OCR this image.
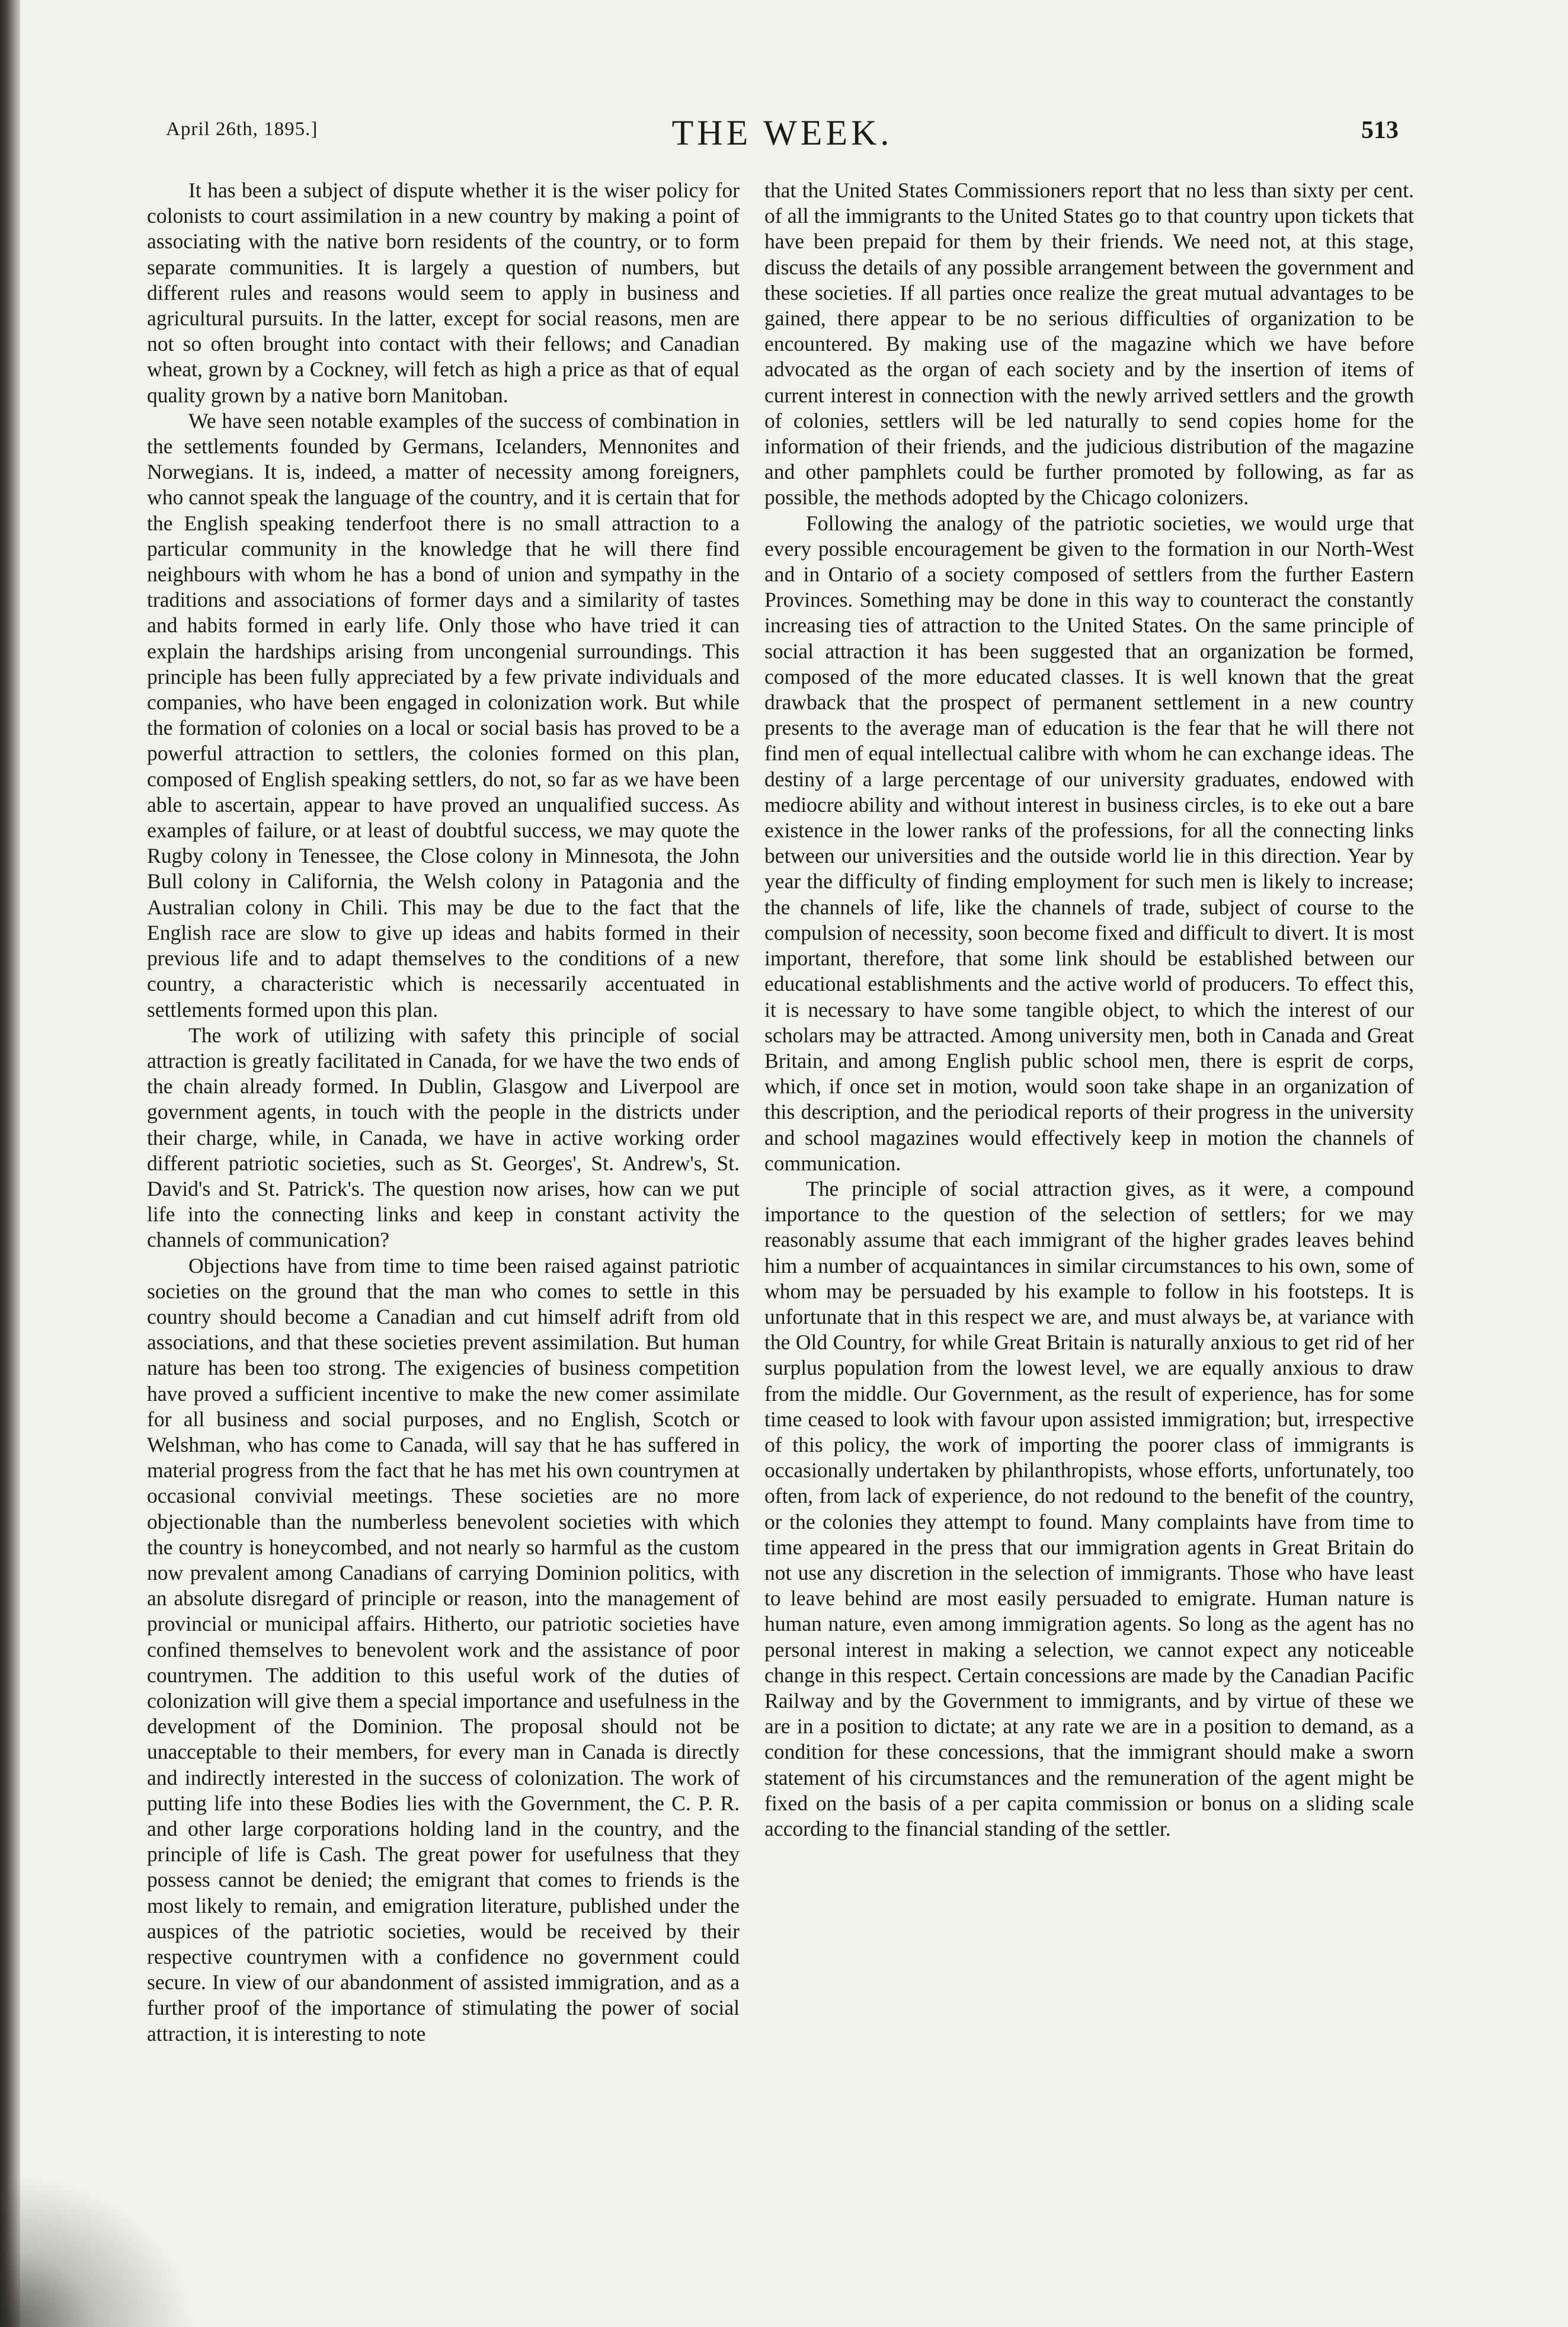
April 26th, 1895.]	THE WEEK.	513

It has been a subject of dispute whether it is the wiser policy for colonists to court assimilation in a new country by making a point of associating with the native born residents of the country, or to form separate communities. It is largely a question of numbers, but different rules and reasons would seem to apply in business and agricultural pursuits. In the latter, except for social reasons, men are not so often brought into contact with their fellows; and Canadian wheat, grown by a Cockney, will fetch as high a price as that of equal quality grown by a native born Manitoban.

We have seen notable examples of the success of combination in the settlements founded by Germans, Icelanders, Mennonites and Norwegians. It is, indeed, a matter of necessity among foreigners, who cannot speak the language of the country, and it is certain that for the English speaking tenderfoot there is no small attraction to a particular community in the knowledge that he will there find neighbours with whom he has a bond of union and sympathy in the traditions and associations of former days and a similarity of tastes and habits formed in early life. Only those who have tried it can explain the hardships arising from uncongenial surroundings. This principle has been fully appreciated by a few private individuals and companies, who have been engaged in colonization work. But while the formation of colonies on a local or social basis has proved to be a powerful attraction to settlers, the colonies formed on this plan, composed of English speaking settlers, do not, so far as we have been able to ascertain, appear to have proved an unqualified success. As examples of failure, or at least of doubtful success, we may quote the Rugby colony in Tenessee, the Close colony in Minnesota, the John Bull colony in California, the Welsh colony in Patagonia and the Australian colony in Chili. This may be due to the fact that the English race are slow to give up ideas and habits formed in their previous life and to adapt themselves to the conditions of a new country, a characteristic which is necessarily accentuated in settlements formed upon this plan.

The work of utilizing with safety this principle of social attraction is greatly facilitated in Canada, for we have the two ends of the chain already formed. In Dublin, Glasgow and Liverpool are government agents, in touch with the people in the districts under their charge, while, in Canada, we have in active working order different patriotic societies, such as St. Georges', St. Andrew's, St. David's and St. Patrick's. The question now arises, how can we put life into the connecting links and keep in constant activity the channels of communication?

Objections have from time to time been raised against patriotic societies on the ground that the man who comes to settle in this country should become a Canadian and cut himself adrift from old associations, and that these societies prevent assimilation. But human nature has been too strong. The exigencies of business competition have proved a sufficient incentive to make the new comer assimilate for all business and social purposes, and no English, Scotch or Welshman, who has come to Canada, will say that he has suffered in material progress from the fact that he has met his own countrymen at occasional convivial meetings. These societies are no more objectionable than the numberless benevolent societies with which the country is honeycombed, and not nearly so harmful as the custom now prevalent among Canadians of carrying Dominion politics, with an absolute disregard of principle or reason, into the management of provincial or municipal affairs. Hitherto, our patriotic societies have confined themselves to benevolent work and the assistance of poor countrymen. The addition to this useful work of the duties of colonization will give them a special importance and usefulness in the development of the Dominion. The proposal should not be unacceptable to their members, for every man in Canada is directly and indirectly interested in the success of colonization. The work of putting life into these Bodies lies with the Government, the C. P. R. and other large corporations holding land in the country, and the principle of life is Cash. The great power for usefulness that they possess cannot be denied; the emigrant that comes to friends is the most likely to remain, and emigration literature, published under the auspices of the patriotic societies, would be received by their respective countrymen with a confidence no government could secure. In view of our abandonment of assisted immigration, and as a further proof of the importance of stimulating the power of social attraction, it is interesting to note

that the United States Commissioners report that no less than sixty per cent. of all the immigrants to the United States go to that country upon tickets that have been prepaid for them by their friends. We need not, at this stage, discuss the details of any possible arrangement between the government and these societies. If all parties once realize the great mutual advantages to be gained, there appear to be no serious difficulties of organization to be encountered. By making use of the magazine which we have before advocated as the organ of each society and by the insertion of items of current interest in connection with the newly arrived settlers and the growth of colonies, settlers will be led naturally to send copies home for the information of their friends, and the judicious distribution of the magazine and other pamphlets could be further promoted by following, as far as possible, the methods adopted by the Chicago colonizers.

Following the analogy of the patriotic societies, we would urge that every possible encouragement be given to the formation in our North-West and in Ontario of a society composed of settlers from the further Eastern Provinces. Something may be done in this way to counteract the constantly increasing ties of attraction to the United States. On the same principle of social attraction it has been suggested that an organization be formed, composed of the more educated classes. It is well known that the great drawback that the prospect of permanent settlement in a new country presents to the average man of education is the fear that he will there not find men of equal intellectual calibre with whom he can exchange ideas. The destiny of a large percentage of our university graduates, endowed with mediocre ability and without interest in business circles, is to eke out a bare existence in the lower ranks of the professions, for all the connecting links between our universities and the outside world lie in this direction. Year by year the difficulty of finding employment for such men is likely to increase; the channels of life, like the channels of trade, subject of course to the compulsion of necessity, soon become fixed and difficult to divert. It is most important, therefore, that some link should be established between our educational establishments and the active world of producers. To effect this, it is necessary to have some tangible object, to which the interest of our scholars may be attracted. Among university men, both in Canada and Great Britain, and among English public school men, there is esprit de corps, which, if once set in motion, would soon take shape in an organization of this description, and the periodical reports of their progress in the university and school magazines would effectively keep in motion the channels of communication.

The principle of social attraction gives, as it were, a compound importance to the question of the selection of settlers; for we may reasonably assume that each immigrant of the higher grades leaves behind him a number of acquaintances in similar circumstances to his own, some of whom may be persuaded by his example to follow in his footsteps. It is unfortunate that in this respect we are, and must always be, at variance with the Old Country, for while Great Britain is naturally anxious to get rid of her surplus population from the lowest level, we are equally anxious to draw from the middle. Our Government, as the result of experience, has for some time ceased to look with favour upon assisted immigration; but, irrespective of this policy, the work of importing the poorer class of immigrants is occasionally undertaken by philanthropists, whose efforts, unfortunately, too often, from lack of experience, do not redound to the benefit of the country, or the colonies they attempt to found. Many complaints have from time to time appeared in the press that our immigration agents in Great Britain do not use any discretion in the selection of immigrants. Those who have least to leave behind are most easily persuaded to emigrate. Human nature is human nature, even among immigration agents. So long as the agent has no personal interest in making a selection, we cannot expect any noticeable change in this respect. Certain concessions are made by the Canadian Pacific Railway and by the Government to immigrants, and by virtue of these we are in a position to dictate; at any rate we are in a position to demand, as a condition for these concessions, that the immigrant should make a sworn statement of his circumstances and the remuneration of the agent might be fixed on the basis of a per capita commission or bonus on a sliding scale according to the financial standing of the settler.
